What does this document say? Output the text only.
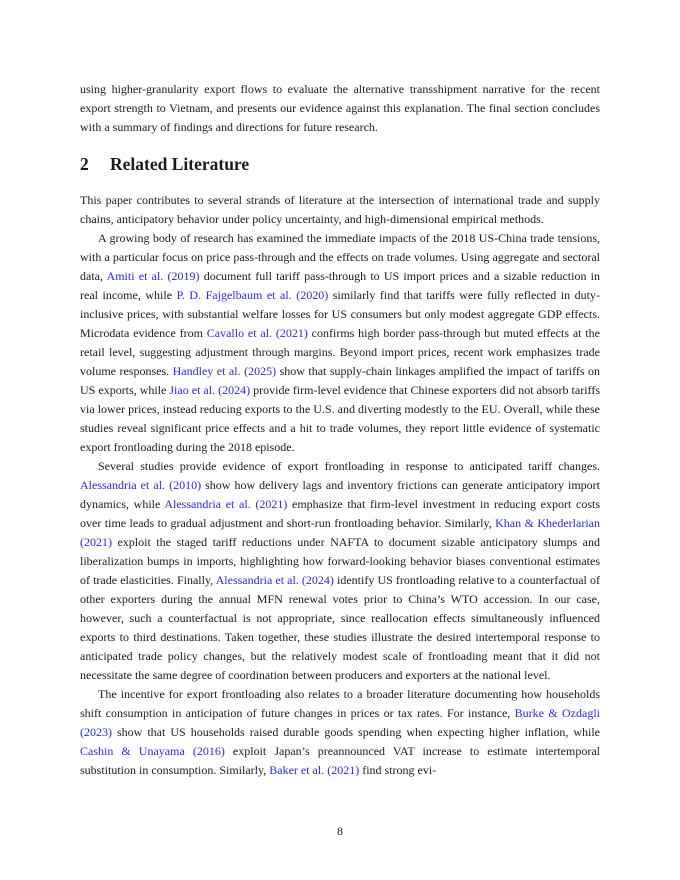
using higher-granularity export flows to evaluate the alternative transshipment narrative for the recent export strength to Vietnam, and presents our evidence against this explanation. The final section concludes with a summary of findings and directions for future research.

2 Related Literature

This paper contributes to several strands of literature at the intersection of international trade and supply chains, anticipatory behavior under policy uncertainty, and high-dimensional empirical methods.

A growing body of research has examined the immediate impacts of the 2018 US-China trade tensions, with a particular focus on price pass-through and the effects on trade volumes. Using aggregate and sectoral data, Amiti et al. (2019) document full tariff pass-through to US import prices and a sizable reduction in real income, while P. D. Fajgelbaum et al. (2020) similarly find that tariffs were fully reflected in duty-inclusive prices, with substantial welfare losses for US consumers but only modest aggregate GDP effects. Microdata evidence from Cavallo et al. (2021) confirms high border pass-through but muted effects at the retail level, suggesting adjustment through margins. Beyond import prices, recent work emphasizes trade volume responses. Handley et al. (2025) show that supply-chain linkages amplified the impact of tariffs on US exports, while Jiao et al. (2024) provide firm-level evidence that Chinese exporters did not absorb tariffs via lower prices, instead reducing exports to the U.S. and diverting modestly to the EU. Overall, while these studies reveal significant price effects and a hit to trade volumes, they report little evidence of systematic export frontloading during the 2018 episode.

Several studies provide evidence of export frontloading in response to anticipated tariff changes. Alessandria et al. (2010) show how delivery lags and inventory frictions can generate anticipatory import dynamics, while Alessandria et al. (2021) emphasize that firm-level investment in reducing export costs over time leads to gradual adjustment and short-run frontloading behavior. Similarly, Khan & Khederlarian (2021) exploit the staged tariff reductions under NAFTA to document sizable anticipatory slumps and liberalization bumps in imports, highlighting how forward-looking behavior biases conventional estimates of trade elasticities. Finally, Alessandria et al. (2024) identify US frontloading relative to a counterfactual of other exporters during the annual MFN renewal votes prior to China’s WTO accession. In our case, however, such a counterfactual is not appropriate, since reallocation effects simultaneously influenced exports to third destinations. Taken together, these studies illustrate the desired intertemporal response to anticipated trade policy changes, but the relatively modest scale of frontloading meant that it did not necessitate the same degree of coordination between producers and exporters at the national level.

The incentive for export frontloading also relates to a broader literature documenting how households shift consumption in anticipation of future changes in prices or tax rates. For instance, Burke & Ozdagli (2023) show that US households raised durable goods spending when expecting higher inflation, while Cashin & Unayama (2016) exploit Japan’s preannounced VAT increase to estimate intertemporal substitution in consumption. Similarly, Baker et al. (2021) find strong evi-

8
